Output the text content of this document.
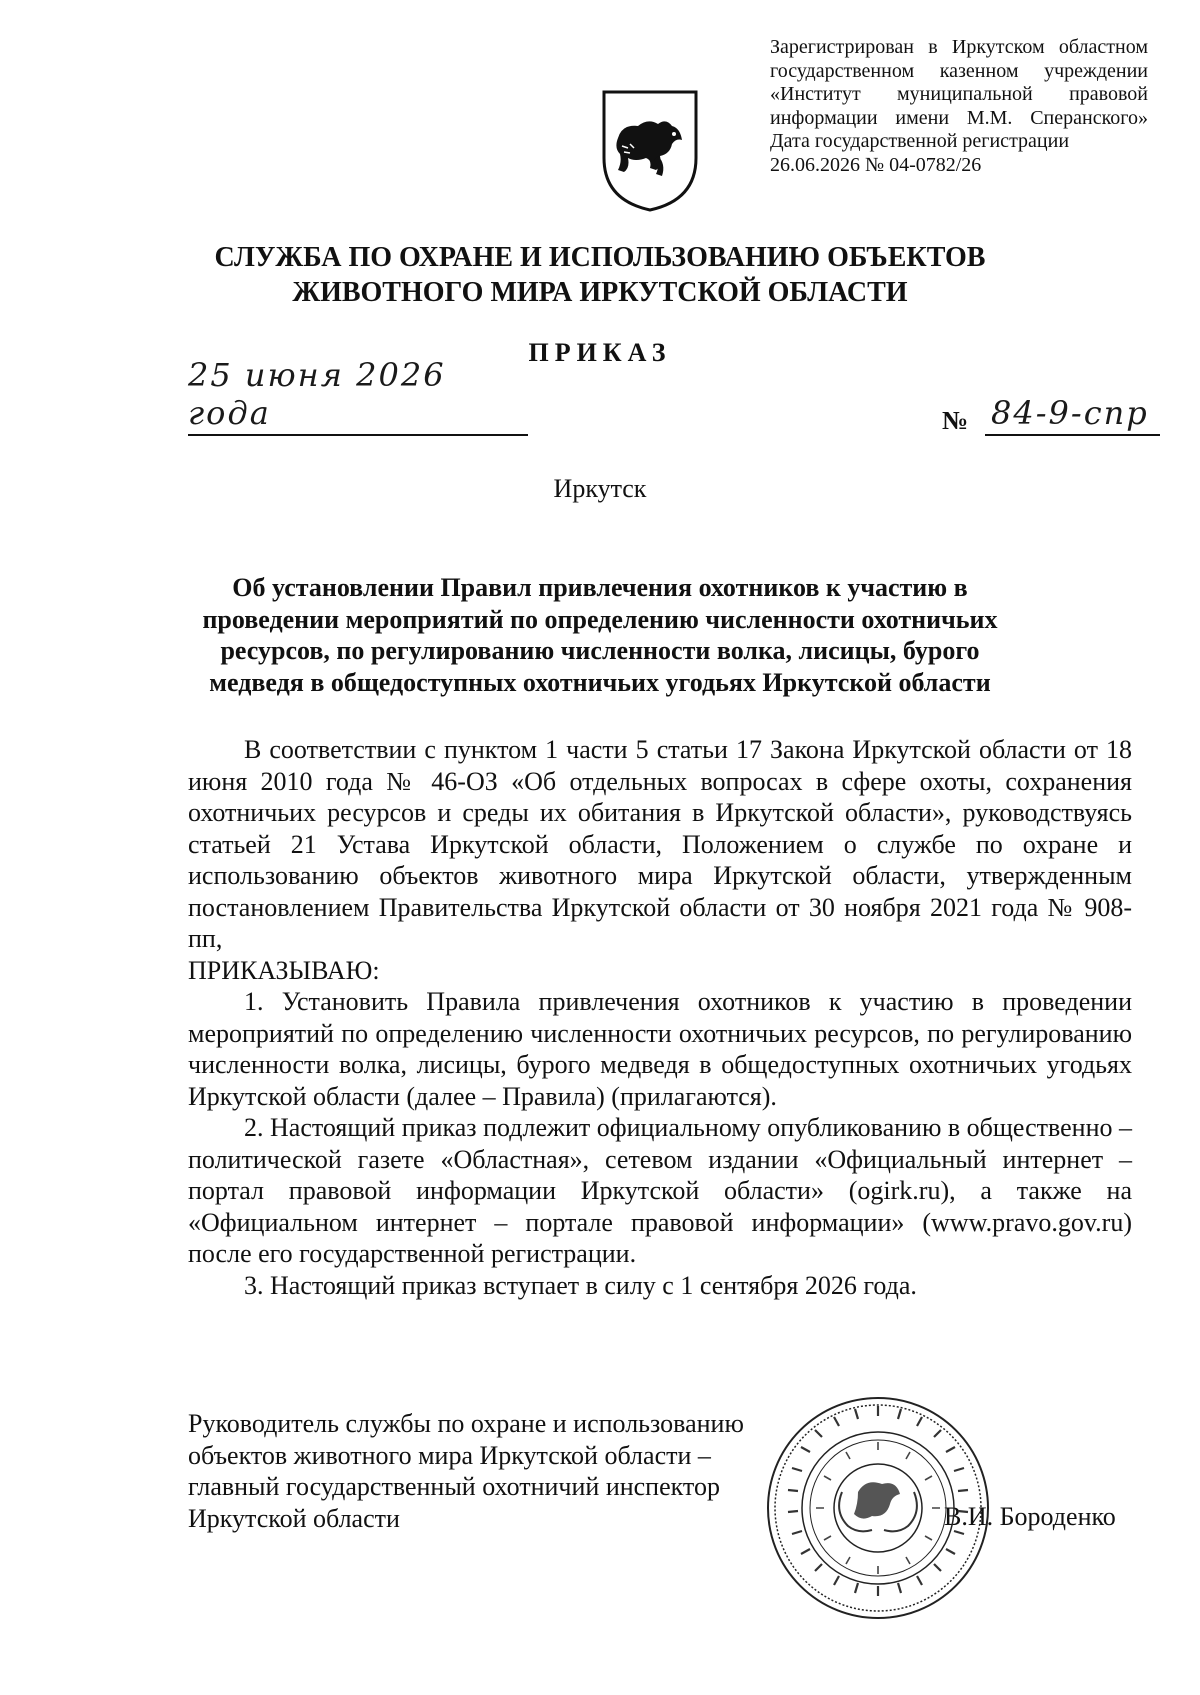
Зарегистрирован в Иркутском областном государственном казенном учреждении «Институт муниципальной правовой информации имени М.М. Сперанского» Дата государственной регистрации
26.06.2026 № 04-0782/26
СЛУЖБА ПО ОХРАНЕ И ИСПОЛЬЗОВАНИЮ ОБЪЕКТОВ
ЖИВОТНОГО МИРА ИРКУТСКОЙ ОБЛАСТИ
ПРИКАЗ
25 июня 2026 года	№ 84-9-спр
Иркутск
Об установлении Правил привлечения охотников к участию в проведении мероприятий по определению численности охотничьих ресурсов, по регулированию численности волка, лисицы, бурого медведя в общедоступных охотничьих угодьях Иркутской области

В соответствии с пунктом 1 части 5 статьи 17 Закона Иркутской области от 18 июня 2010 года № 46-ОЗ «Об отдельных вопросах в сфере охоты, сохранения охотничьих ресурсов и среды их обитания в Иркутской области», руководствуясь статьей 21 Устава Иркутской области, Положением о службе по охране и использованию объектов животного мира Иркутской области, утвержденным постановлением Правительства Иркутской области от 30 ноября 2021 года № 908-пп,

ПРИКАЗЫВАЮ:

1. Установить Правила привлечения охотников к участию в проведении мероприятий по определению численности охотничьих ресурсов, по регулированию численности волка, лисицы, бурого медведя в общедоступных охотничьих угодьях Иркутской области (далее – Правила) (прилагаются).

2. Настоящий приказ подлежит официальному опубликованию в общественно – политической газете «Областная», сетевом издании «Официальный интернет – портал правовой информации Иркутской области» (ogirk.ru), а также на «Официальном интернет – портале правовой информации» (www.pravo.gov.ru) после его государственной регистрации.

3. Настоящий приказ вступает в силу с 1 сентября 2026 года.

Руководитель службы по охране и использованию объектов животного мира Иркутской области – главный государственный охотничий инспектор Иркутской области	В.И. Бороденко
